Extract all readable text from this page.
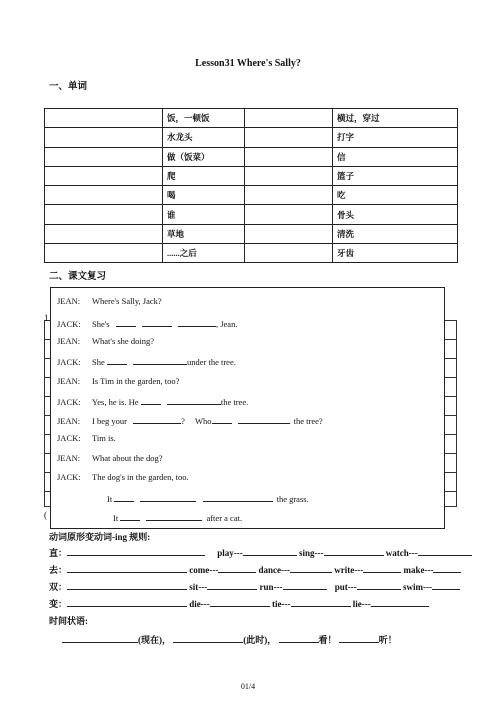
Lesson31 Where's Sally?
一、单词
	饭，一顿饭		横过，穿过
	水龙头		打字
	做（饭菜）		信
	爬		篮子
	喝		吃
	谁		骨头
	草地		清洗
	......之后		牙齿
二、课文复习
1
(
JEAN: Where's Sally, Jack?
JACK: She's	, Jean.
JEAN: What's she doing?
JACK: She	under the tree.
JEAN: Is Tim in the garden, too?
JACK: Yes, he is. He	the tree.
JEAN: I beg your	? Who	the tree?
JACK: Tim is.
JEAN: What about the dog?
JACK: The dog's in the garden, too.
It	the grass.
It	after a cat.
动词原形变动词-ing 规则:
直：	play---	sing---	watch---
去：	come---	dance---	write---	make---
双：	sit---	run---	put---	swim---
变：	die---	tie---	lie---
时间状语:
(现在)，	(此时)，	看！	听！
01/4
